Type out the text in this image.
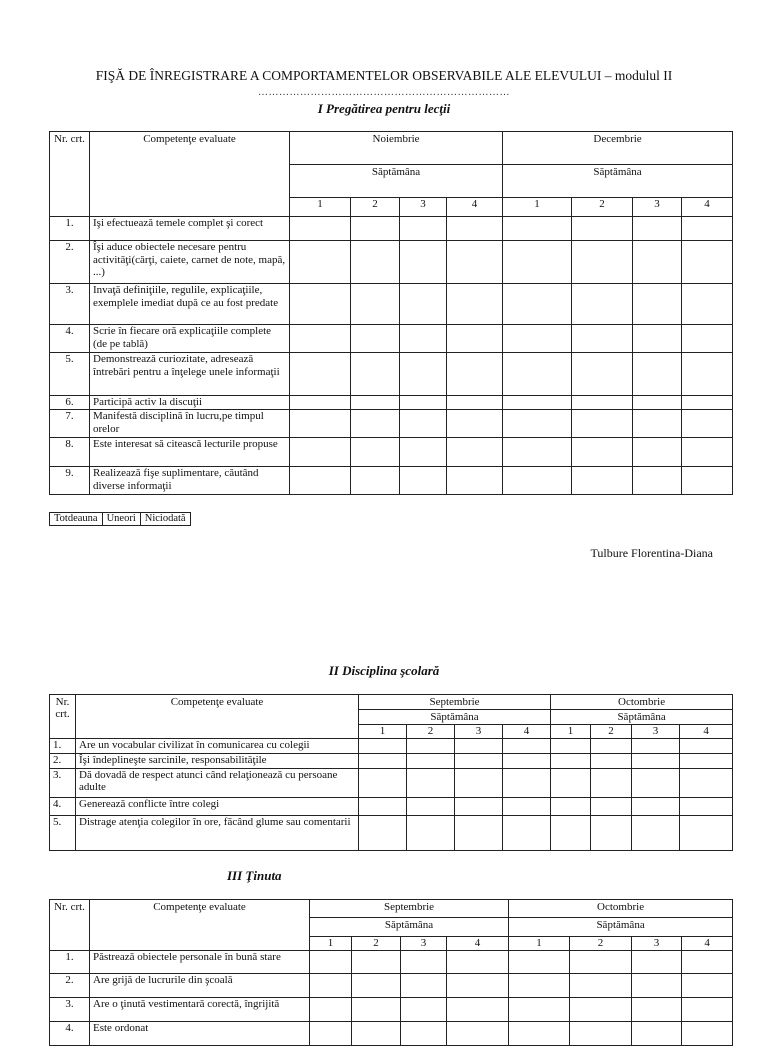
FIŞĂ DE ÎNREGISTRARE A COMPORTAMENTELOR OBSERVABILE ALE ELEVULUI – modulul II
………………………………………………………………
I Pregătirea pentru lecţii
Nr. crt.	Competenţe evaluate	Noiembrie				Decembrie			
		Săptămâna				Săptămâna			
		1	2	3	4	1	2	3	4
1.	Işi efectuează temele complet şi corect								
2.	Îşi aduce obiectele necesare pentru activităţi(cărţi, caiete, carnet de note, mapă, ...)								
3.	Invaţă definiţiile, regulile, explicaţiile, exemplele imediat după ce au fost predate								
4.	Scrie în fiecare oră explicaţiile complete (de pe tablă)								
5.	Demonstrează curiozitate, adresează întrebări pentru a înţelege unele informaţii								
6.	Participă activ la discuţii								
7.	Manifestă disciplină în lucru,pe timpul orelor								
8.	Este interesat să citească lecturile propuse								
9.	Realizează fişe suplimentare, căutând diverse informaţii								
Totdeauna	Uneori	Niciodată
Tulbure Florentina-Diana
II Disciplina şcolară
Nr. crt.	Competenţe evaluate	Septembrie				Octombrie			
		Săptămâna				Săptămâna			
		1	2	3	4	1	2	3	4
1.	Are un vocabular civilizat în comunicarea cu colegii								
2.	Îşi îndeplineşte sarcinile, responsabilităţile								
3.	Dă dovadă de respect atunci când relaţionează cu persoane adulte								
4.	Generează conflicte între colegi								
5.	Distrage atenţia colegilor în ore, făcând glume sau comentarii								
III Ţinuta
Nr. crt.	Competenţe evaluate	Septembrie				Octombrie			
		Săptămâna				Săptămâna			
		1	2	3	4	1	2	3	4
1.	Păstrează obiectele personale în bună stare								
2.	Are grijă de lucrurile din şcoală								
3.	Are o ţinută vestimentară corectă, îngrijită								
4.	Este ordonat								
